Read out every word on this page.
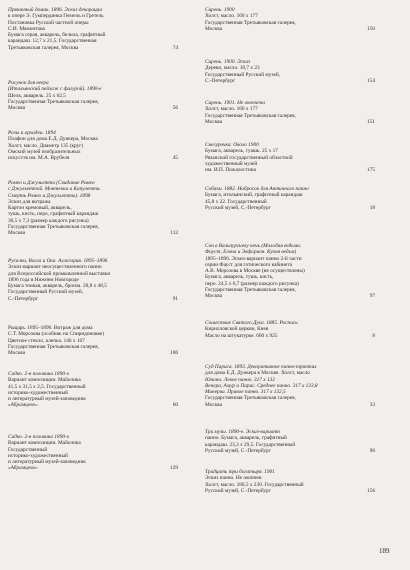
Пряничный домик. 1896. Эскиз декорации
к опере Э. Гумпердинка Гензель и Гретель
Постановка Русской частной оперы
С.И. Мамонтова
Бумага серая, акварель, белила, графитный
карандаш. 12,7 х 21,5. Государственная
Третьяковская галерея, Москва	74
Рисунок для веера
(Итальянский пейзаж с фигурой). 1890-е
Шелк, акварель. 25 х 62,5
Государственная Третьяковская галерея,
Москва	56
Розы и орхидеи. 1894
Плафон для дома Е.Д. Дункера, Москва
Холст, масло. Диаметр 135 (круг)
Омский музей изобразительных
искусств им. М.А. Врубеля	45
Ромео и Джульетта (Свидание Ромео
с Джульеттой. Монтекки и Капулетти.
Смерть Ромео и Джульетты). 1898
Эскиз для витража
Картон кремовый, акварель,
тушь, кисть, перо, графитный карандаш
30,5 х 7,3 (размер каждого рисунка)
Государственная Третьяковская галерея,
Москва	112
Русалки, Волга и Ока. Аллегория. 1895–1896
Эскиз-вариант неосуществленного панно
для Всероссийской промышленной выставки
1896 года в Нижнем Новгороде
Бумага тонкая, акварель, бронза. 20,8 х 48,5
Государственный Русский музей,
С.-Петербург	91
Рыцарь. 1895–1896. Витраж для дома
С.Т. Морозова (особняк на Спиридоновке)
Цветное стекло, клепка. 146 х 167
Государственная Третьяковская галерея,
Москва	106
Садко. 2-я половина 1890-х
Вариант композиции. Майолика
41,5 х 31,5 х 2,5. Государственный
историко-художественный
и литературный музей-заповедник
«Абрамцево»	60
Садко. 2-я половина 1890-х
Вариант композиции. Майолика
Государственный
историко-художественный
и литературный музей-заповедник
«Абрамцево»	129
Сирень. 1900
Холст, масло. 160 х 177
Государственная Третьяковская галерея,
Москва	150
Сирень. 1900. Эскиз
Дерево, масло. 18,7 х 23
Государственный Русский музей,
С.-Петербург	154
Сирень. 1901. Не окончена
Холст, масло. 160 х 177
Государственная Третьяковская галерея,
Москва	151
Снегурочка. Около 1900
Бумага, акварель, гуашь. 25 х 17
Рязанский государственный областной
художественный музей
им. И.П. Пожалостина	175
Собаки. 1882. Набросок для Античного панно
Бумага, итальянский, графитный карандаш
45,8 х 22. Государственный
Русский музей, С.-Петербург	18
Сон в Вальпургиеву ночь (Молодая ведьма.
Фауст, Елена и Эвфорион. Кухня ведьм)
1895–1896. Эскиз-вариант панно 2-й части
серии Фауст для готического кабинета
А.В. Морозова в Москве (не осуществлены)
Бумага, акварель, тушь, кисть,
перо. 24,5 х 6,7 (размер каждого рисунка)
Государственная Третьяковская галерея,
Москва	97
Сошествие Святого Духа. 1885. Роспись
Кирилловской церкви, Киев
Масло на штукатурке. 600 х 925	8
Суд Париса. 1893. Декоративное панно-триптих
для дома Е.Д. Дункера в Москве. Холст, масло
Юнона. Левое панно. 317 х 132
Венера, Амур и Парис. Среднее панно. 317 х 133,8
Минерва. Правое панно. 317 х 132,5
Государственная Третьяковская галерея,
Москва	33
Три музы. 1890-е. Эскиз-вариант
панно. Бумага, акварель, графитный
карандаш. 23,3 х 29,5. Государственный
Русский музей, С.-Петербург	96
Тридцать три богатыря. 1901
Эскиз панно. Не окончен
Холст, масло. 180,5 х 230. Государственный
Русский музей, С.-Петербург	156
189
